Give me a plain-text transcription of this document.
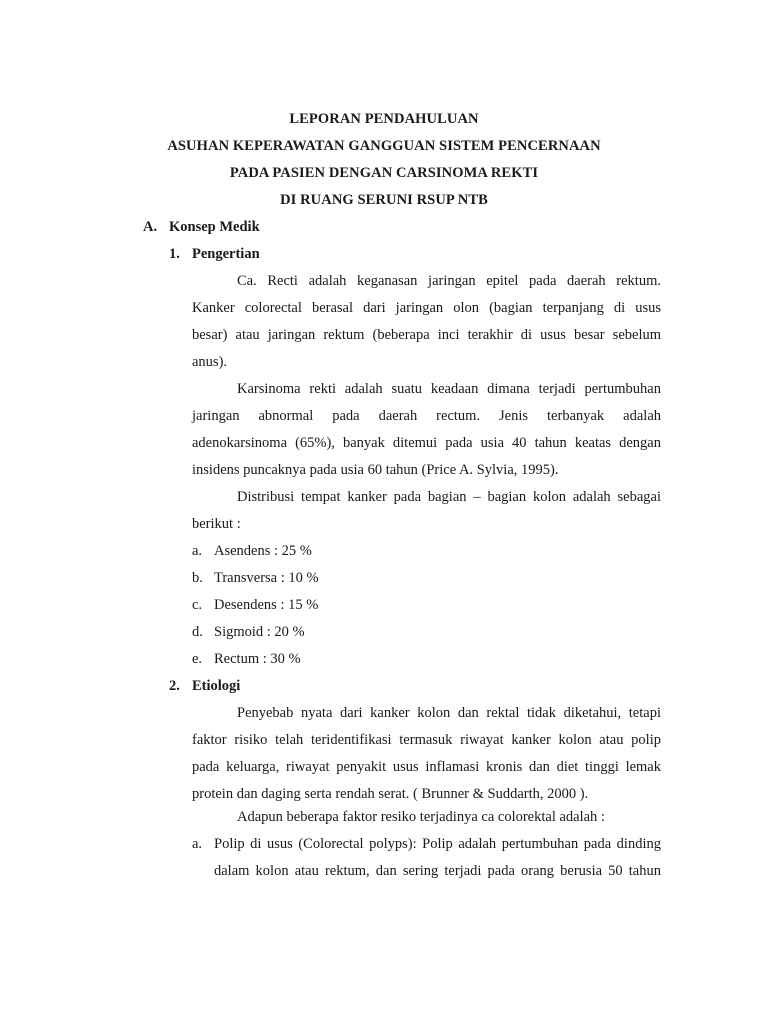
LEPORAN PENDAHULUAN
ASUHAN KEPERAWATAN GANGGUAN SISTEM PENCERNAAN
PADA PASIEN DENGAN CARSINOMA REKTI
DI RUANG SERUNI RSUP NTB
A. Konsep Medik
1. Pengertian
Ca. Recti adalah keganasan jaringan epitel pada daerah rektum.
Kanker colorectal berasal dari jaringan olon (bagian terpanjang di usus
besar) atau jaringan rektum (beberapa inci terakhir di usus besar sebelum
anus).
Karsinoma rekti adalah suatu keadaan dimana terjadi pertumbuhan
jaringan abnormal pada daerah rectum. Jenis terbanyak adalah
adenokarsinoma (65%), banyak ditemui pada usia 40 tahun keatas dengan
insidens puncaknya pada usia 60 tahun (Price A. Sylvia, 1995).
Distribusi tempat kanker pada bagian – bagian kolon adalah sebagai
berikut :
a. Asendens : 25 %
b. Transversa : 10 %
c. Desendens : 15 %
d. Sigmoid : 20 %
e. Rectum : 30 %
2. Etiologi
Penyebab nyata dari kanker kolon dan rektal tidak diketahui, tetapi
faktor risiko telah teridentifikasi termasuk riwayat kanker kolon atau polip
pada keluarga, riwayat penyakit usus inflamasi kronis dan diet tinggi lemak
protein dan daging serta rendah serat. ( Brunner & Suddarth, 2000 ).
Adapun beberapa faktor resiko terjadinya ca colorektal adalah :
a. Polip di usus (Colorectal polyps): Polip adalah pertumbuhan pada dinding
dalam kolon atau rektum, dan sering terjadi pada orang berusia 50 tahun
